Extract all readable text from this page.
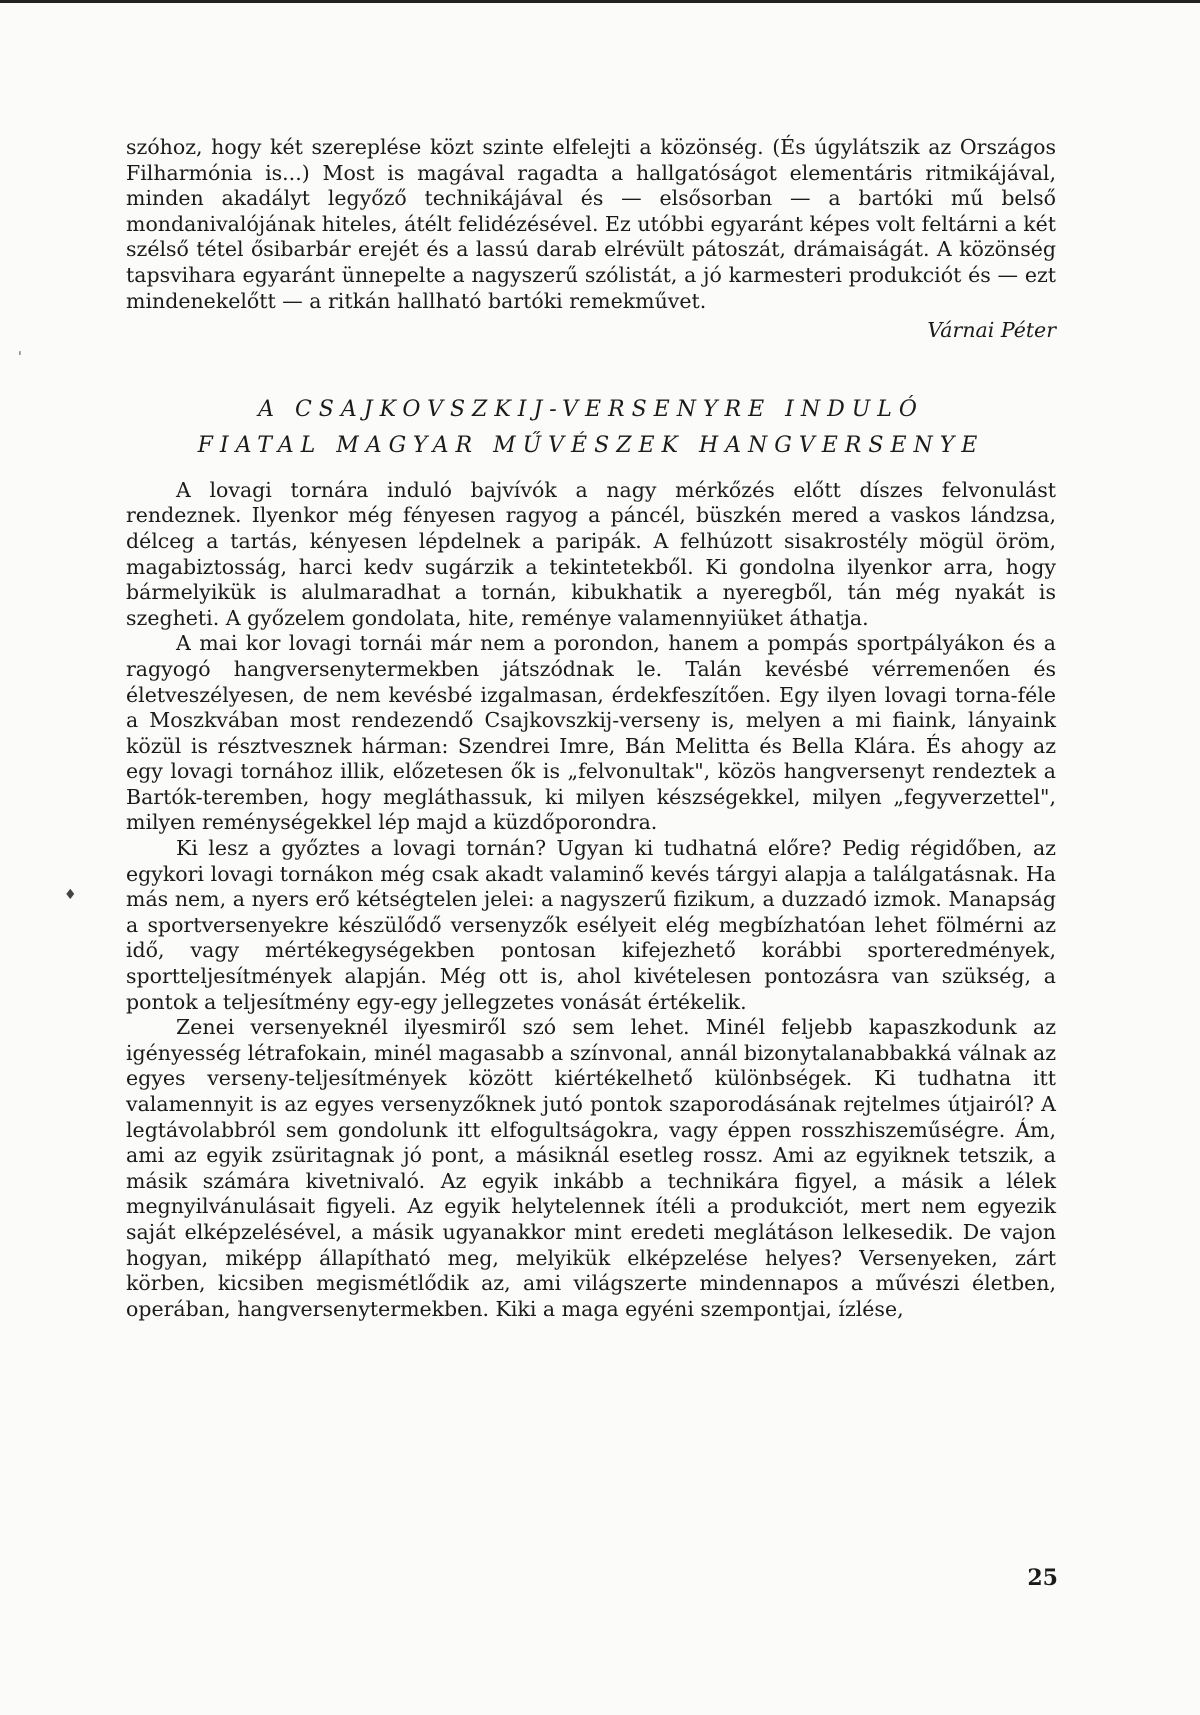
ˌ
♦

szóhoz, hogy két szereplése közt szinte elfelejti a közönség. (És úgylátszik az Országos Filharmónia is...) Most is magával ragadta a hallgatóságot elementáris ritmikájával, minden akadályt legyőző technikájával és — elsősorban — a bartóki mű belső mondanivalójának hiteles, átélt felidézésével. Ez utóbbi egyaránt képes volt feltárni a két szélső tétel ősibarbár erejét és a lassú darab elrévült pátoszát, drámaiságát. A közönség tapsvihara egyaránt ünnepelte a nagyszerű szólistát, a jó karmesteri produkciót és — ezt mindenekelőtt — a ritkán hallható bartóki remekművet.

Várnai Péter

A CSAJKOVSZKIJ-VERSENYRE INDULÓ
FIATAL MAGYAR MŰVÉSZEK HANGVERSENYE

A lovagi tornára induló bajvívók a nagy mérkőzés előtt díszes felvonulást rendeznek. Ilyenkor még fényesen ragyog a páncél, büszkén mered a vaskos lándzsa, délceg a tartás, kényesen lépdelnek a paripák. A felhúzott sisakrostély mögül öröm, magabiztosság, harci kedv sugárzik a tekintetekből. Ki gondolna ilyenkor arra, hogy bármelyikük is alulmaradhat a tornán, kibukhatik a nyeregből, tán még nyakát is szegheti. A győzelem gondolata, hite, reménye valamennyiüket áthatja.

A mai kor lovagi tornái már nem a porondon, hanem a pompás sportpályákon és a ragyogó hangversenytermekben játszódnak le. Talán kevésbé vérremenően és életveszélyesen, de nem kevésbé izgalmasan, érdekfeszítően. Egy ilyen lovagi torna-féle a Moszkvában most rendezendő Csajkovszkij-verseny is, melyen a mi fiaink, lányaink közül is résztvesznek hárman: Szendrei Imre, Bán Melitta és Bella Klára. És ahogy az egy lovagi tornához illik, előzetesen ők is „felvonultak", közös hangversenyt rendeztek a Bartók-teremben, hogy megláthassuk, ki milyen készségekkel, milyen „fegyverzettel", milyen reménységekkel lép majd a küzdőporondra.

Ki lesz a győztes a lovagi tornán? Ugyan ki tudhatná előre? Pedig régidőben, az egykori lovagi tornákon még csak akadt valaminő kevés tárgyi alapja a találgatásnak. Ha más nem, a nyers erő kétségtelen jelei: a nagyszerű fizikum, a duzzadó izmok. Manapság a sportversenyekre készülődő versenyzők esélyeit elég megbízhatóan lehet fölmérni az idő, vagy mértékegységekben pontosan kifejezhető korábbi sporteredmények, sportteljesítmények alapján. Még ott is, ahol kivételesen pontozásra van szükség, a pontok a teljesítmény egy-egy jellegzetes vonását értékelik.

Zenei versenyeknél ilyesmiről szó sem lehet. Minél feljebb kapaszkodunk az igényesség létrafokain, minél magasabb a színvonal, annál bizonytalanabbakká válnak az egyes verseny-teljesítmények között kiértékelhető különbségek. Ki tudhatna itt valamennyit is az egyes versenyzőknek jutó pontok szaporodásának rejtelmes útjairól? A legtávolabbról sem gondolunk itt elfogultságokra, vagy éppen rosszhiszeműségre. Ám, ami az egyik zsüritagnak jó pont, a másiknál esetleg rossz. Ami az egyiknek tetszik, a másik számára kivetnivaló. Az egyik inkább a technikára figyel, a másik a lélek megnyilvánulásait figyeli. Az egyik helytelennek ítéli a produkciót, mert nem egyezik saját elképzelésével, a másik ugyanakkor mint eredeti meglátáson lelkesedik. De vajon hogyan, miképp állapítható meg, melyikük elképzelése helyes? Versenyeken, zárt körben, kicsiben megismétlődik az, ami világszerte mindennapos a művészi életben, operában, hangversenytermekben. Kiki a maga egyéni szempontjai, ízlése,

25
